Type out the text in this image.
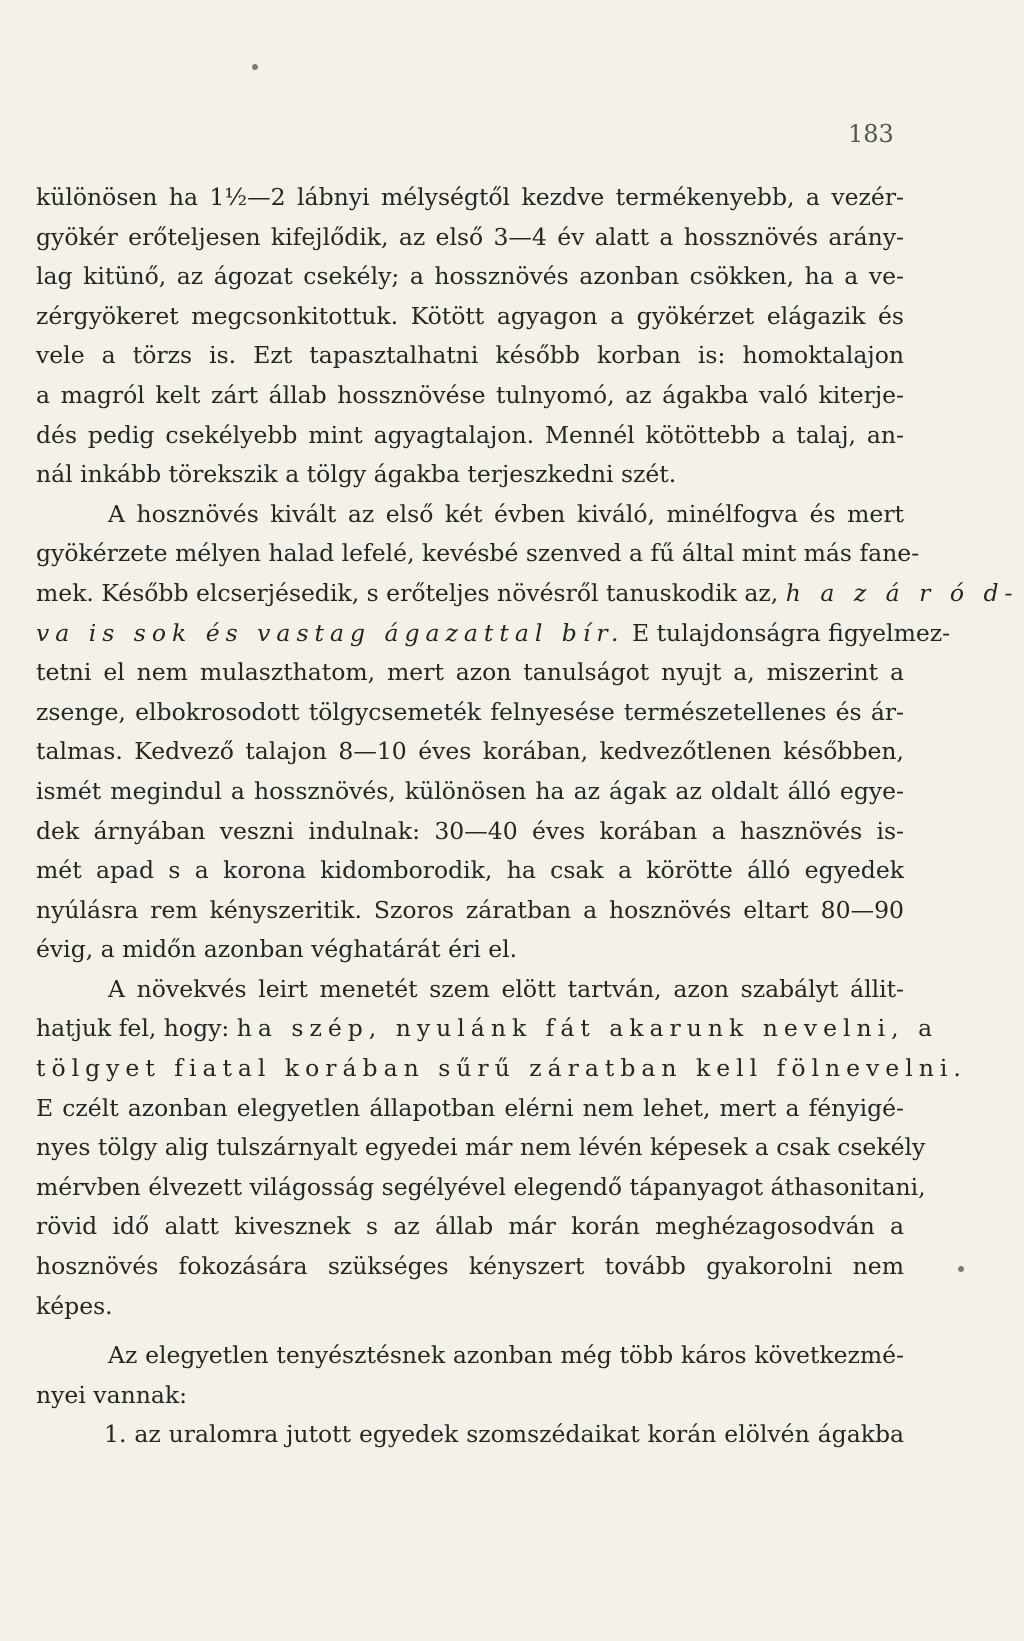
183
különösen ha 1½—2 lábnyi mélységtől kezdve termékenyebb, a vezér-
gyökér erőteljesen kifejlődik, az első 3—4 év alatt a hossznövés arány-
lag kitünő, az ágozat csekély; a hossznövés azonban csökken, ha a ve-
zérgyökeret megcsonkitottuk. Kötött agyagon a gyökérzet elágazik és
vele a törzs is. Ezt tapasztalhatni később korban is: homoktalajon
a magról kelt zárt állab hossznövése tulnyomó, az ágakba való kiterje-
dés pedig csekélyebb mint agyagtalajon. Mennél kötöttebb a talaj, an-
nál inkább törekszik a tölgy ágakba terjeszkedni szét.
A hosznövés kivált az első két évben kiváló, minélfogva és mert
gyökérzete mélyen halad lefelé, kevésbé szenved a fű által mint más fane-
mek. Később elcserjésedik, s erőteljes növésről tanuskodik az, h a z á r ó d-
va is sok és vastag ágazattal bír. E tulajdonságra figyelmez-
tetni el nem mulaszthatom, mert azon tanulságot nyujt a, miszerint a
zsenge, elbokrosodott tölgycsemeték felnyesése természetellenes és ár-
talmas. Kedvező talajon 8—10 éves korában, kedvezőtlenen későbben,
ismét megindul a hossznövés, különösen ha az ágak az oldalt álló egye-
dek árnyában veszni indulnak: 30—40 éves korában a hasznövés is-
mét apad s a korona kidomborodik, ha csak a körötte álló egyedek
nyúlásra rem kényszeritik. Szoros záratban a hosznövés eltart 80—90
évig, a midőn azonban véghatárát éri el.
A növekvés leirt menetét szem elött tartván, azon szabályt állit-
hatjuk fel, hogy: ha szép, nyulánk fát akarunk nevelni, a
tölgyet fiatal korában sűrű záratban kell fölnevelni.
E czélt azonban elegyetlen állapotban elérni nem lehet, mert a fényigé-
nyes tölgy alig tulszárnyalt egyedei már nem lévén képesek a csak csekély
mérvben élvezett világosság segélyével elegendő tápanyagot áthasonitani,
rövid idő alatt kivesznek s az állab már korán meghézagosodván a
hosznövés fokozására szükséges kényszert tovább gyakorolni nem
képes.
Az elegyetlen tenyésztésnek azonban még több káros következmé-
nyei vannak:
1. az uralomra jutott egyedek szomszédaikat korán elölvén ágakba
